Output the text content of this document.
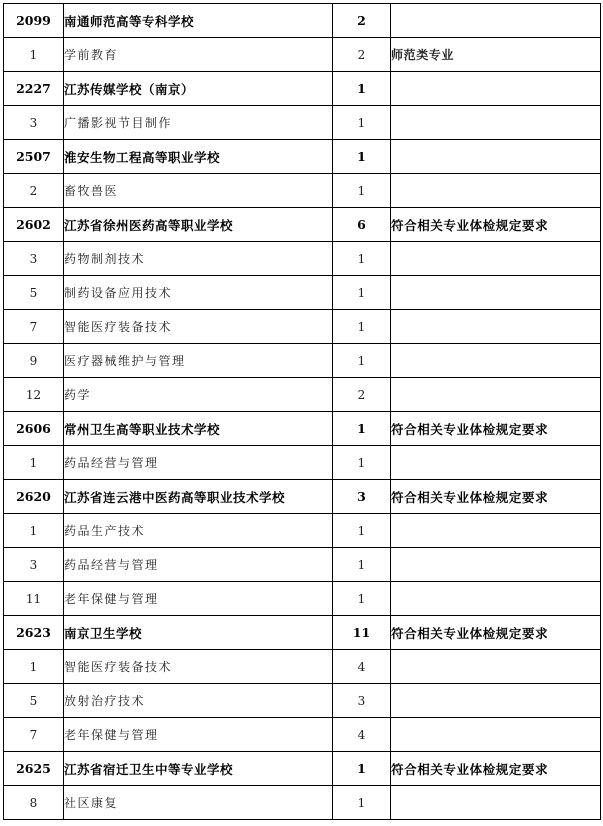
2099	南通师范高等专科学校	2	
1	学前教育	2	师范类专业
2227	江苏传媒学校（南京）	1	
3	广播影视节目制作	1	
2507	淮安生物工程高等职业学校	1	
2	畜牧兽医	1	
2602	江苏省徐州医药高等职业学校	6	符合相关专业体检规定要求
3	药物制剂技术	1	
5	制药设备应用技术	1	
7	智能医疗装备技术	1	
9	医疗器械维护与管理	1	
12	药学	2	
2606	常州卫生高等职业技术学校	1	符合相关专业体检规定要求
1	药品经营与管理	1	
2620	江苏省连云港中医药高等职业技术学校	3	符合相关专业体检规定要求
1	药品生产技术	1	
3	药品经营与管理	1	
11	老年保健与管理	1	
2623	南京卫生学校	11	符合相关专业体检规定要求
1	智能医疗装备技术	4	
5	放射治疗技术	3	
7	老年保健与管理	4	
2625	江苏省宿迁卫生中等专业学校	1	符合相关专业体检规定要求
8	社区康复	1	
